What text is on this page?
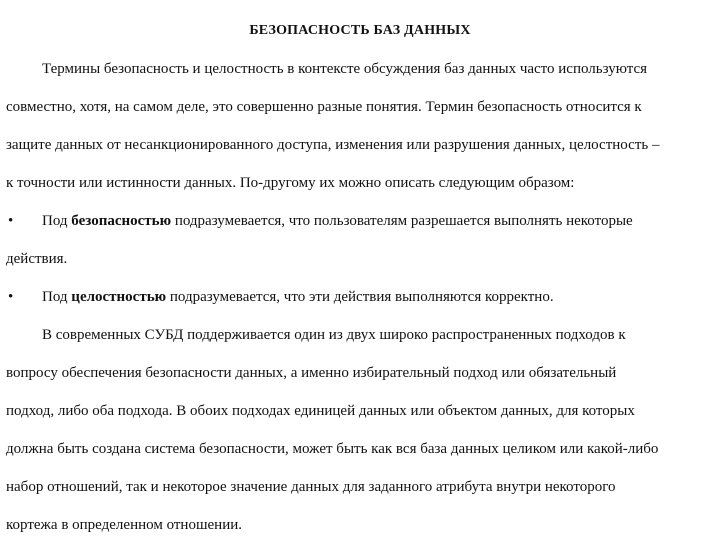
БЕЗОПАСНОСТЬ БАЗ ДАННЫХ
Термины безопасность и целостность в контексте обсуждения баз данных часто используются
совместно, хотя, на самом деле, это совершенно разные понятия. Термин безопасность относится к
защите данных от несанкционированного доступа, изменения или разрушения данных, целостность –
к точности или истинности данных. По-другому их можно описать следующим образом:
• Под безопасностью подразумевается, что пользователям разрешается выполнять некоторые
действия.
• Под целостностью подразумевается, что эти действия выполняются корректно.
В современных СУБД поддерживается один из двух широко распространенных подходов к
вопросу обеспечения безопасности данных, а именно избирательный подход или обязательный
подход, либо оба подхода. В обоих подходах единицей данных или объектом данных, для которых
должна быть создана система безопасности, может быть как вся база данных целиком или какой-либо
набор отношений, так и некоторое значение данных для заданного атрибута внутри некоторого
кортежа в определенном отношении.
